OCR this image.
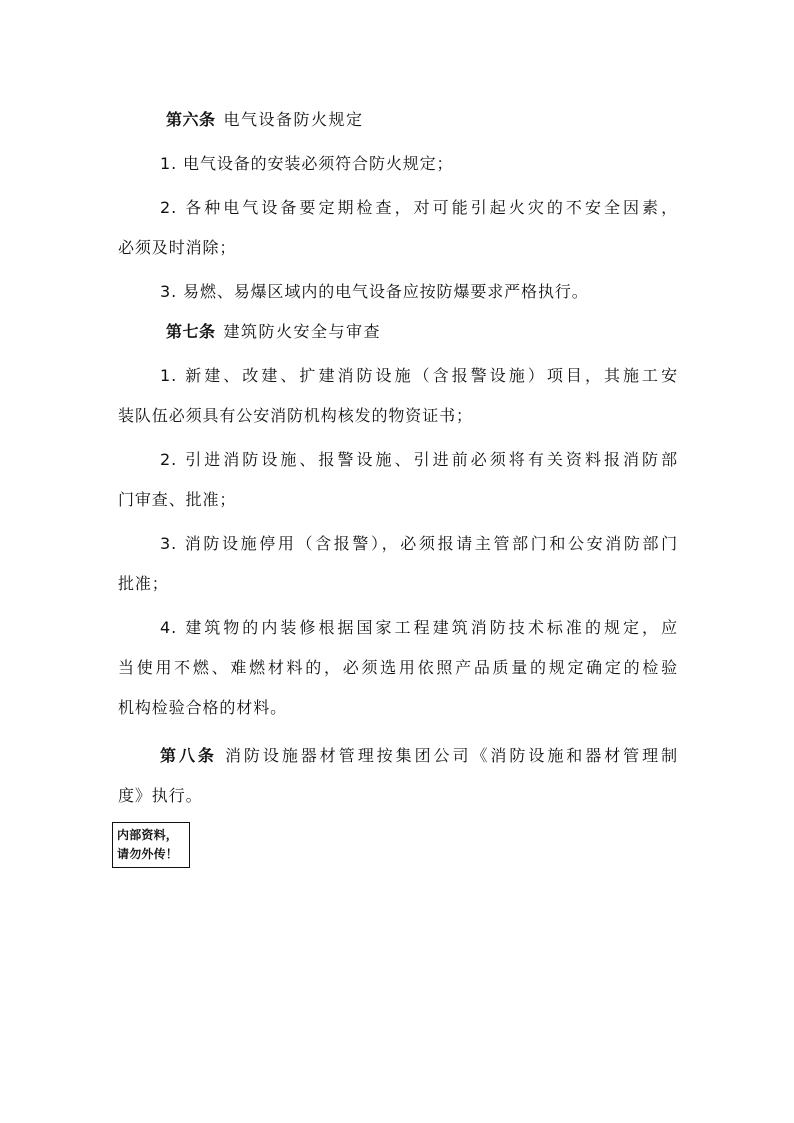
第六条 电气设备防火规定
1. 电气设备的安装必须符合防火规定；
2. 各种电气设备要定期检查，对可能引起火灾的不安全因素，
必须及时消除；
3. 易燃、易爆区域内的电气设备应按防爆要求严格执行。
第七条 建筑防火安全与审查
1. 新建、改建、扩建消防设施（含报警设施）项目，其施工安
装队伍必须具有公安消防机构核发的物资证书；
2. 引进消防设施、报警设施、引进前必须将有关资料报消防部
门审查、批准；
3. 消防设施停用（含报警），必须报请主管部门和公安消防部门
批准；
4. 建筑物的内装修根据国家工程建筑消防技术标准的规定，应
当使用不燃、难燃材料的，必须选用依照产品质量的规定确定的检验
机构检验合格的材料。
第八条 消防设施器材管理按集团公司《消防设施和器材管理制
度》执行。
内部资料，
请勿外传！
